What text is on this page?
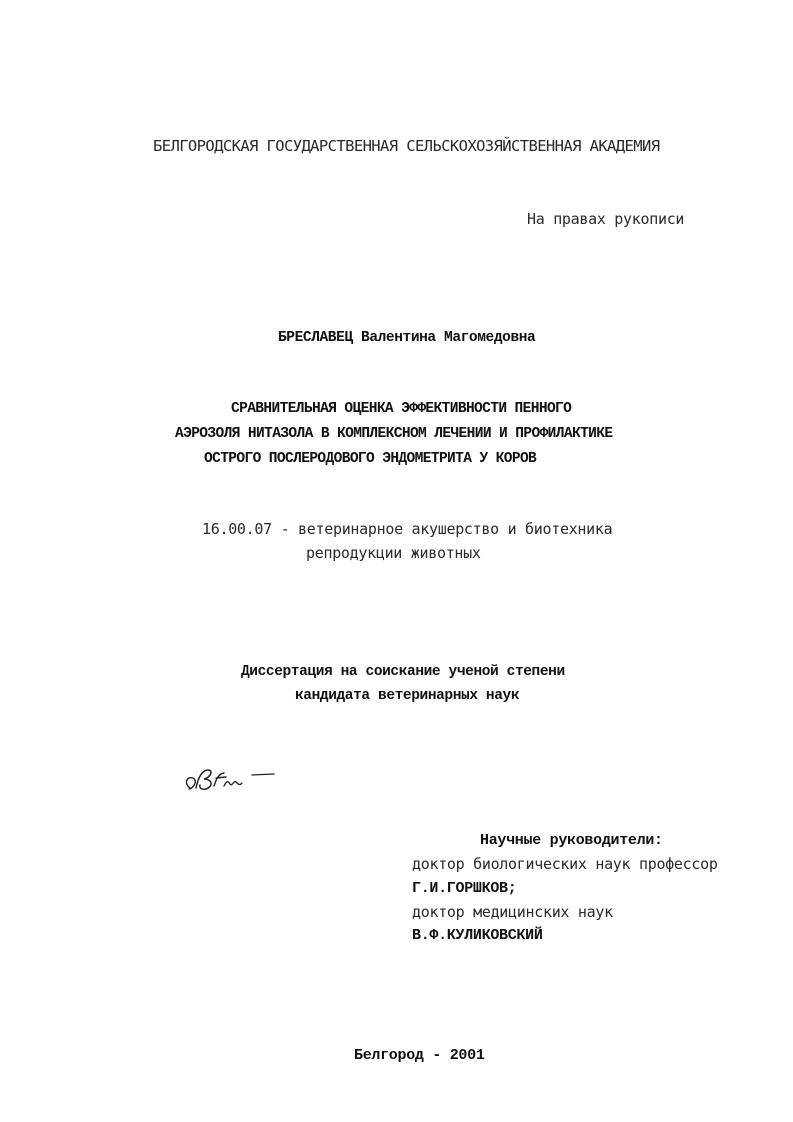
БЕЛГОРОДСКАЯ ГОСУДАРСТВЕННАЯ СЕЛЬСКОХОЗЯЙСТВЕННАЯ АКАДЕМИЯ
На правах рукописи
БРЕСЛАВЕЦ Валентина Магомедовна
СРАВНИТЕЛЬНАЯ ОЦЕНКА ЭФФЕКТИВНОСТИ ПЕННОГО
АЭРОЗОЛЯ НИТАЗОЛА В КОМПЛЕКСНОМ ЛЕЧЕНИИ И ПРОФИЛАКТИКЕ
ОСТРОГО ПОСЛЕРОДОВОГО ЭНДОМЕТРИТА У КОРОВ
16.00.07 - ветеринарное акушерство и биотехника
репродукции животных
Диссертация на соискание ученой степени
кандидата ветеринарных наук
Научные руководители:
доктор биологических наук профессор
Г.И.ГОРШКОВ;
доктор медицинских наук
В.Ф.КУЛИКОВСКИЙ
Белгород - 2001
